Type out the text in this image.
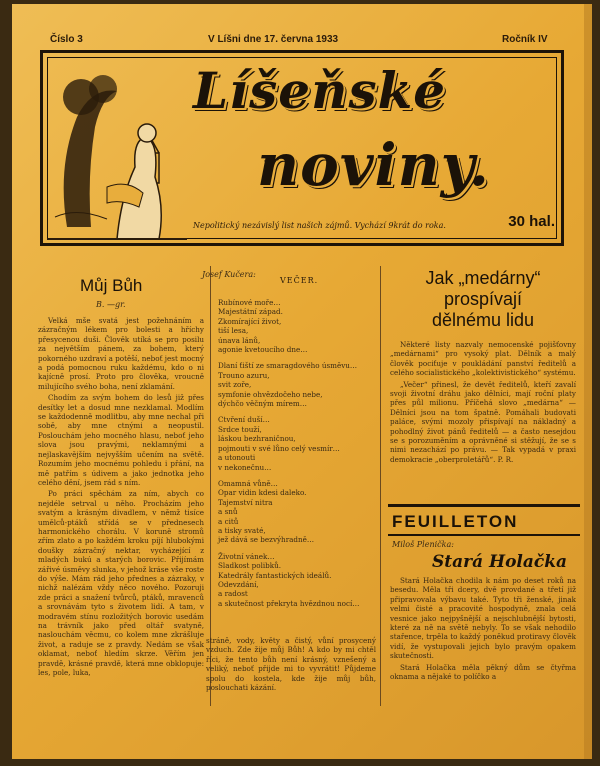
Číslo 3	V Líšni dne 17. června 1933	Ročník IV
Líšeňské
noviny.
Nepolitický nezávislý list našich zájmů. Vychází 9krát do roka.	30 hal.
Můj Bůh
B. —gr.

Velká mše svatá jest požehnáním a zázračným lékem pro bolesti a hříchy přesycenou duši. Člověk utíká se pro posilu za největším pánem, za bohem, který pokorného uzdraví a potěší, neboť jest mocný a podá pomocnou ruku každému, kdo o ni kajícně prosí. Proto pro člověka, vroucně milujícího svého boha, není zklamání.

Chodím za svým bohem do lesů již přes desítky let a dosud mne nezklamal. Modlím se každodenně modlitbu, aby mne nechal při sobě, aby mne ctnými a neopustil. Poslouchám jeho mocného hlasu, neboť jeho slova jsou pravými, neklamnými a nejlaskavějším nejvyšším učením na světě. Rozumím jeho mocnému pohledu i přání, na mě patřím s údivem a jako jednotka jeho celého dění, jsem rád s ním.

Po práci spěchám za ním, abych co nejdéle setrval u něho. Procházím jeho svatým a krásným divadlem, v němž tisíce umělců-ptáků střídá se v přednesech harmonického chorálu. V koruně stromů zřím zlato a po každém kroku píjí hlubokými doušky zázračný nektar, vycházející z mladých bukú a starých borovic. Přijímám zářivé úsměvy slunka, v jehož kráse vše roste do výše. Mám rád jeho přednes a zázraky, v nichž nalézám vždy něco nového. Pozoruji zde práci a snažení tvůrců, ptáků, mravenců a srovnávám tyto s životem lidí. A tam, v modravém stínu rozložitých borovic usedám na trávník jako před oltář svatyně, naslouchám věcmu, co kolem mne zkrášluje život, a raduje se z pravdy. Nedám se však oklamat, neboť hledím skrze. Věřím jen pravdě, krásné pravdě, která mne obklopuje: les, pole, luka,

Josef Kučera:
VEČER.
Rubínové moře…
Majestátní západ.
Zkomírající život,
tiší lesa,
únava lánů,
agonie kvetoucího dne…
Dlaní ťiští ze smaragdového úsměvu…
Trouno azuru,
svit zoře,
symfonie ohvězdočeho nebe,
dýchčo věčným mírem…
Ctvření duší…
Srdce touží,
láskou bezhraničnou,
pojmouti v své lůno celý vesmír…
a utonouti
v nekonečnu…
Omamná vůně…
Opar vidin kdesi daleko.
Tajemství nitra
a snů
a citů
a tisky svaté,
jež dává se bezvýhradně…
Životní vánek…
Sladkost polibků.
Katedrály fantastických ideálů.
Odevzdání,
a radost
a skutečnost překryta hvězdnou nocí…

stráně, vody, květy a čistý, vůní prosycený vzduch. Zde žije můj Bůh! A kdo by mi chtěl říci, že tento bůh není krásný, vznešený a veliký, neboť přijde mi to vyvrátit! Půjdeme spolu do kostela, kde žije můj bůh, poslouchati kázání.

Jak „medárny“
prospívají
dělnému lidu

Některé listy nazvaly nemocenské pojišťovny „medárnami“ pro vysoký plat. Dělník a malý člověk pociťuje v poukládání panství ředitelů a celého socialistického „kolektivistického“ systému.

„Večer“ přinesl, že devět ředitelů, kteří zavalí svoji životní dráhu jako dělníci, mají roční platy přes půl milionu. Příčehá slovo „medárna“ — Dělníci jsou na tom špatně. Pomáhali budovati paláce, svými mozoly přispívají na nákladný a pohodlný život pánů ředitelů — a často nesejdou se s porozuměním a oprávněné si stěžují, že se s nimi nezachází po právu. — Tak vypadá v praxi demokracie „oberproletářů“. P. R.

FEUILLETON
Miloš Plenička:
Stará Holačka

Stará Holačka chodila k nám po deset roků na besedu. Měla tři dcery, dvě provdané a třetí již připravovala výbavu také. Tyto tři ženské, jinak velmi čisté a pracovité hospodyně, znala celá vesnice jako nejpyšnější a nejschlubnější bytosti, které za ně na světě nebyly. To se však nehodilo stařence, trpěla to každý poněkud protiravy člověk vidí, že vystupovali jejich bylo pravým opakem skutečnosti.

Stará Holačka měla pěkný dům se čtyřma oknama a nějaké to políčko a
